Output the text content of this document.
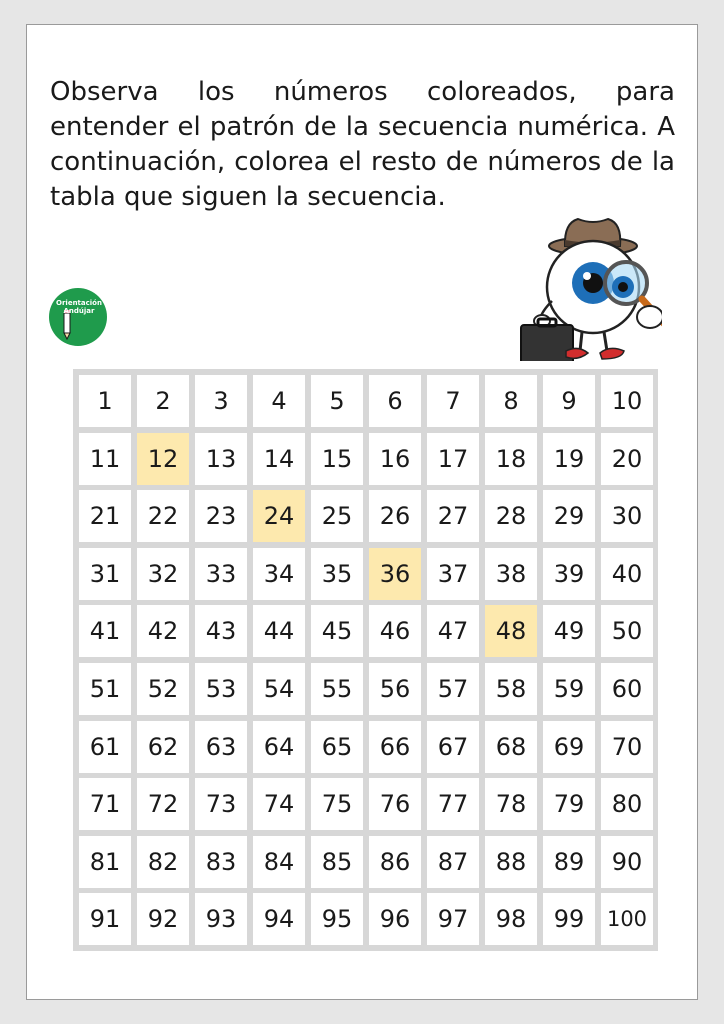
Observa los números coloreados, para entender el patrón de la secuencia numérica. A continuación, colorea el resto de números de la tabla que siguen la secuencia.

Orientación Andújar
1	2	3	4	5	6	7	8	9	10
11	12	13	14	15	16	17	18	19	20
21	22	23	24	25	26	27	28	29	30
31	32	33	34	35	36	37	38	39	40
41	42	43	44	45	46	47	48	49	50
51	52	53	54	55	56	57	58	59	60
61	62	63	64	65	66	67	68	69	70
71	72	73	74	75	76	77	78	79	80
81	82	83	84	85	86	87	88	89	90
91	92	93	94	95	96	97	98	99	100
